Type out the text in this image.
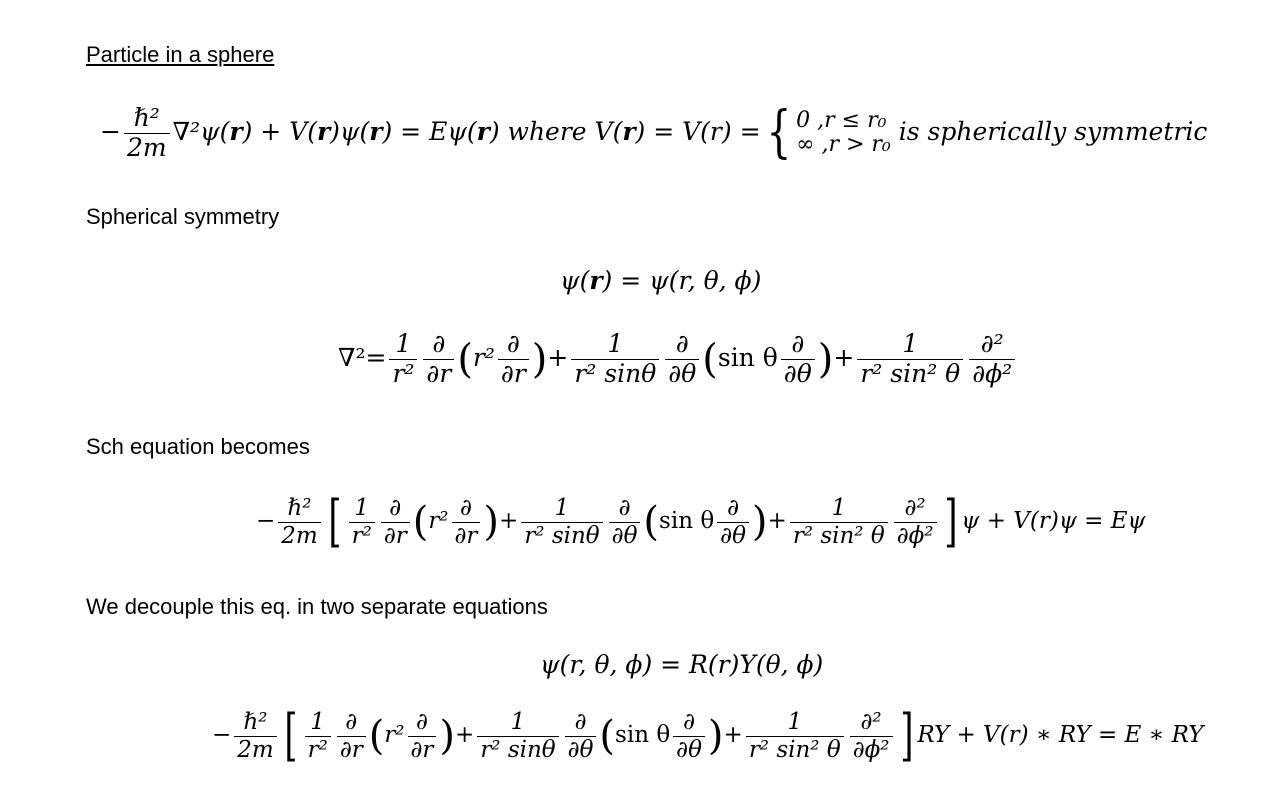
Particle in a sphere
− $\frac{\text{ℏ²}}{2m} \nabla^2\psi(r) + V(r)\psi(r) = E\psi(r)$ where V(r) = V(r) = { 0 ,r ≤ r₀
∞ ,r > r₀ is spherically symmetric
Spherical symmetry
ψ(r) = ψ(r, θ, ϕ)
$\nabla^2= \frac{1}{\text{r²}} \frac{\partial}{\partial r} (r^2 \frac{\partial}{\partial r}$ )+ $\frac{1}{\text{r² sinθ}} \frac{\partial}{\partial\theta} (\sin$ θ $\frac{\partial}{\partial\theta}$ )+ $\frac{1}{\text{r² sin² θ}} \frac{\text{∂²}}{\text{∂ϕ²}}$
Sch equation becomes
− $\frac{\text{ℏ²}}{2m}$ [ $\frac{1}{\text{r²}} \frac{\partial}{\partial r} (r^2 \frac{\partial}{\partial r}$ )+ $\frac{1}{\text{r² sinθ}} \frac{\partial}{\partial\theta} (\sin$ θ $\frac{\partial}{\partial\theta}$ )+ $\frac{1}{\text{r² sin² θ}} \frac{\text{∂²}}{\text{∂ϕ²}}$ ] ψ + V(r)ψ = Eψ
We decouple this eq. in two separate equations
ψ(r, θ, ϕ) = R(r)Y(θ, ϕ)
− $\frac{\text{ℏ²}}{2m}$ [ $\frac{1}{\text{r²}} \frac{\partial}{\partial r} (r^2 \frac{\partial}{\partial r}$ )+ $\frac{1}{\text{r² sinθ}} \frac{\partial}{\partial\theta} (\sin$ θ $\frac{\partial}{\partial\theta}$ )+ $\frac{1}{\text{r² sin² θ}} \frac{\text{∂²}}{\text{∂ϕ²}}$ ] RY + V(r) ∗ RY = E ∗ RY
